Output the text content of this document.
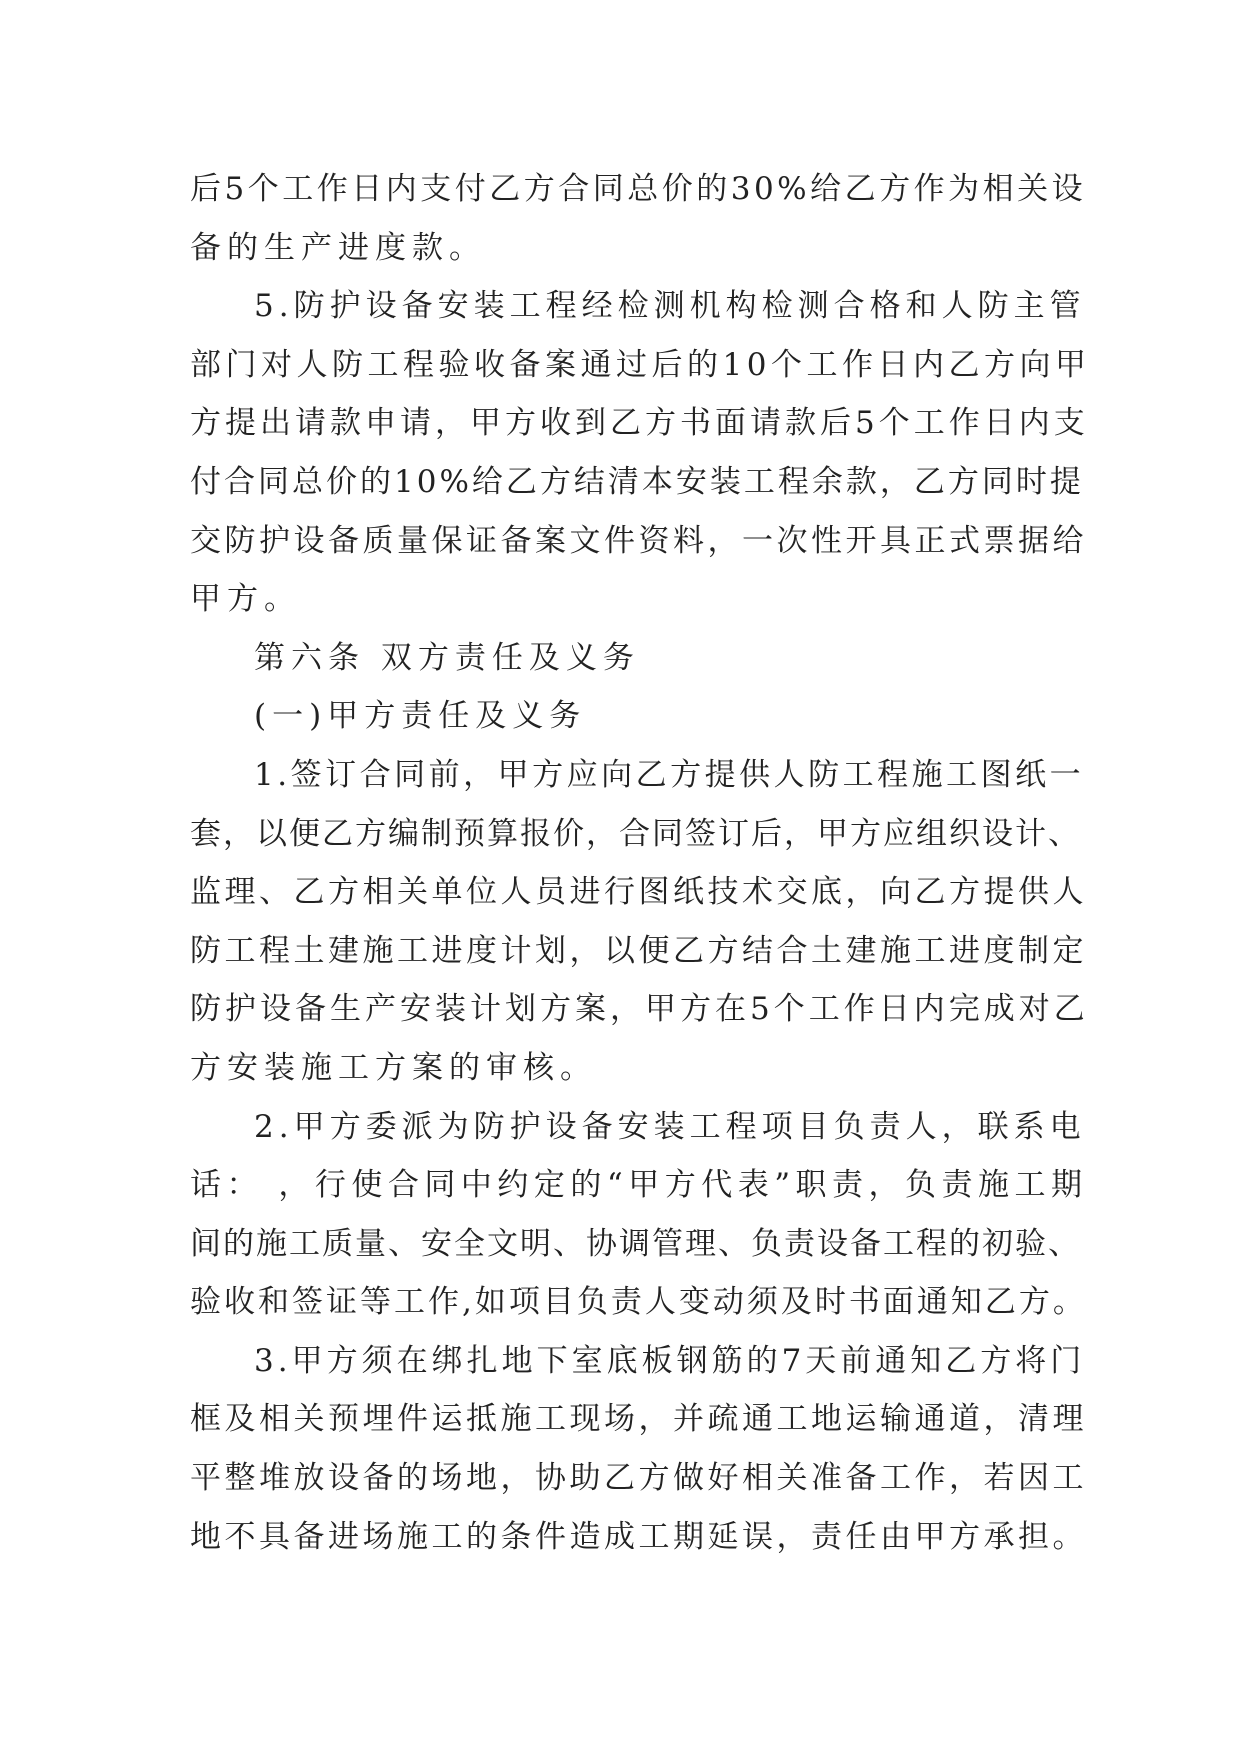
后5个工作日内支付乙方合同总价的30%给乙方作为相关设
备的生产进度款。
5.防护设备安装工程经检测机构检测合格和人防主管
部门对人防工程验收备案通过后的10个工作日内乙方向甲
方提出请款申请，甲方收到乙方书面请款后5个工作日内支
付合同总价的10%给乙方结清本安装工程余款，乙方同时提
交防护设备质量保证备案文件资料，一次性开具正式票据给
甲方。
第六条 双方责任及义务
(一)甲方责任及义务
1.签订合同前，甲方应向乙方提供人防工程施工图纸一
套，以便乙方编制预算报价，合同签订后，甲方应组织设计、
监理、乙方相关单位人员进行图纸技术交底，向乙方提供人
防工程土建施工进度计划，以便乙方结合土建施工进度制定
防护设备生产安装计划方案，甲方在5个工作日内完成对乙
方安装施工方案的审核。
2.甲方委派为防护设备安装工程项目负责人，联系电
话： ，行使合同中约定的“甲方代表”职责，负责施工期
间的施工质量、安全文明、协调管理、负责设备工程的初验、
验收和签证等工作,如项目负责人变动须及时书面通知乙方。
3.甲方须在绑扎地下室底板钢筋的7天前通知乙方将门
框及相关预埋件运抵施工现场，并疏通工地运输通道，清理
平整堆放设备的场地，协助乙方做好相关准备工作，若因工
地不具备进场施工的条件造成工期延误，责任由甲方承担。
